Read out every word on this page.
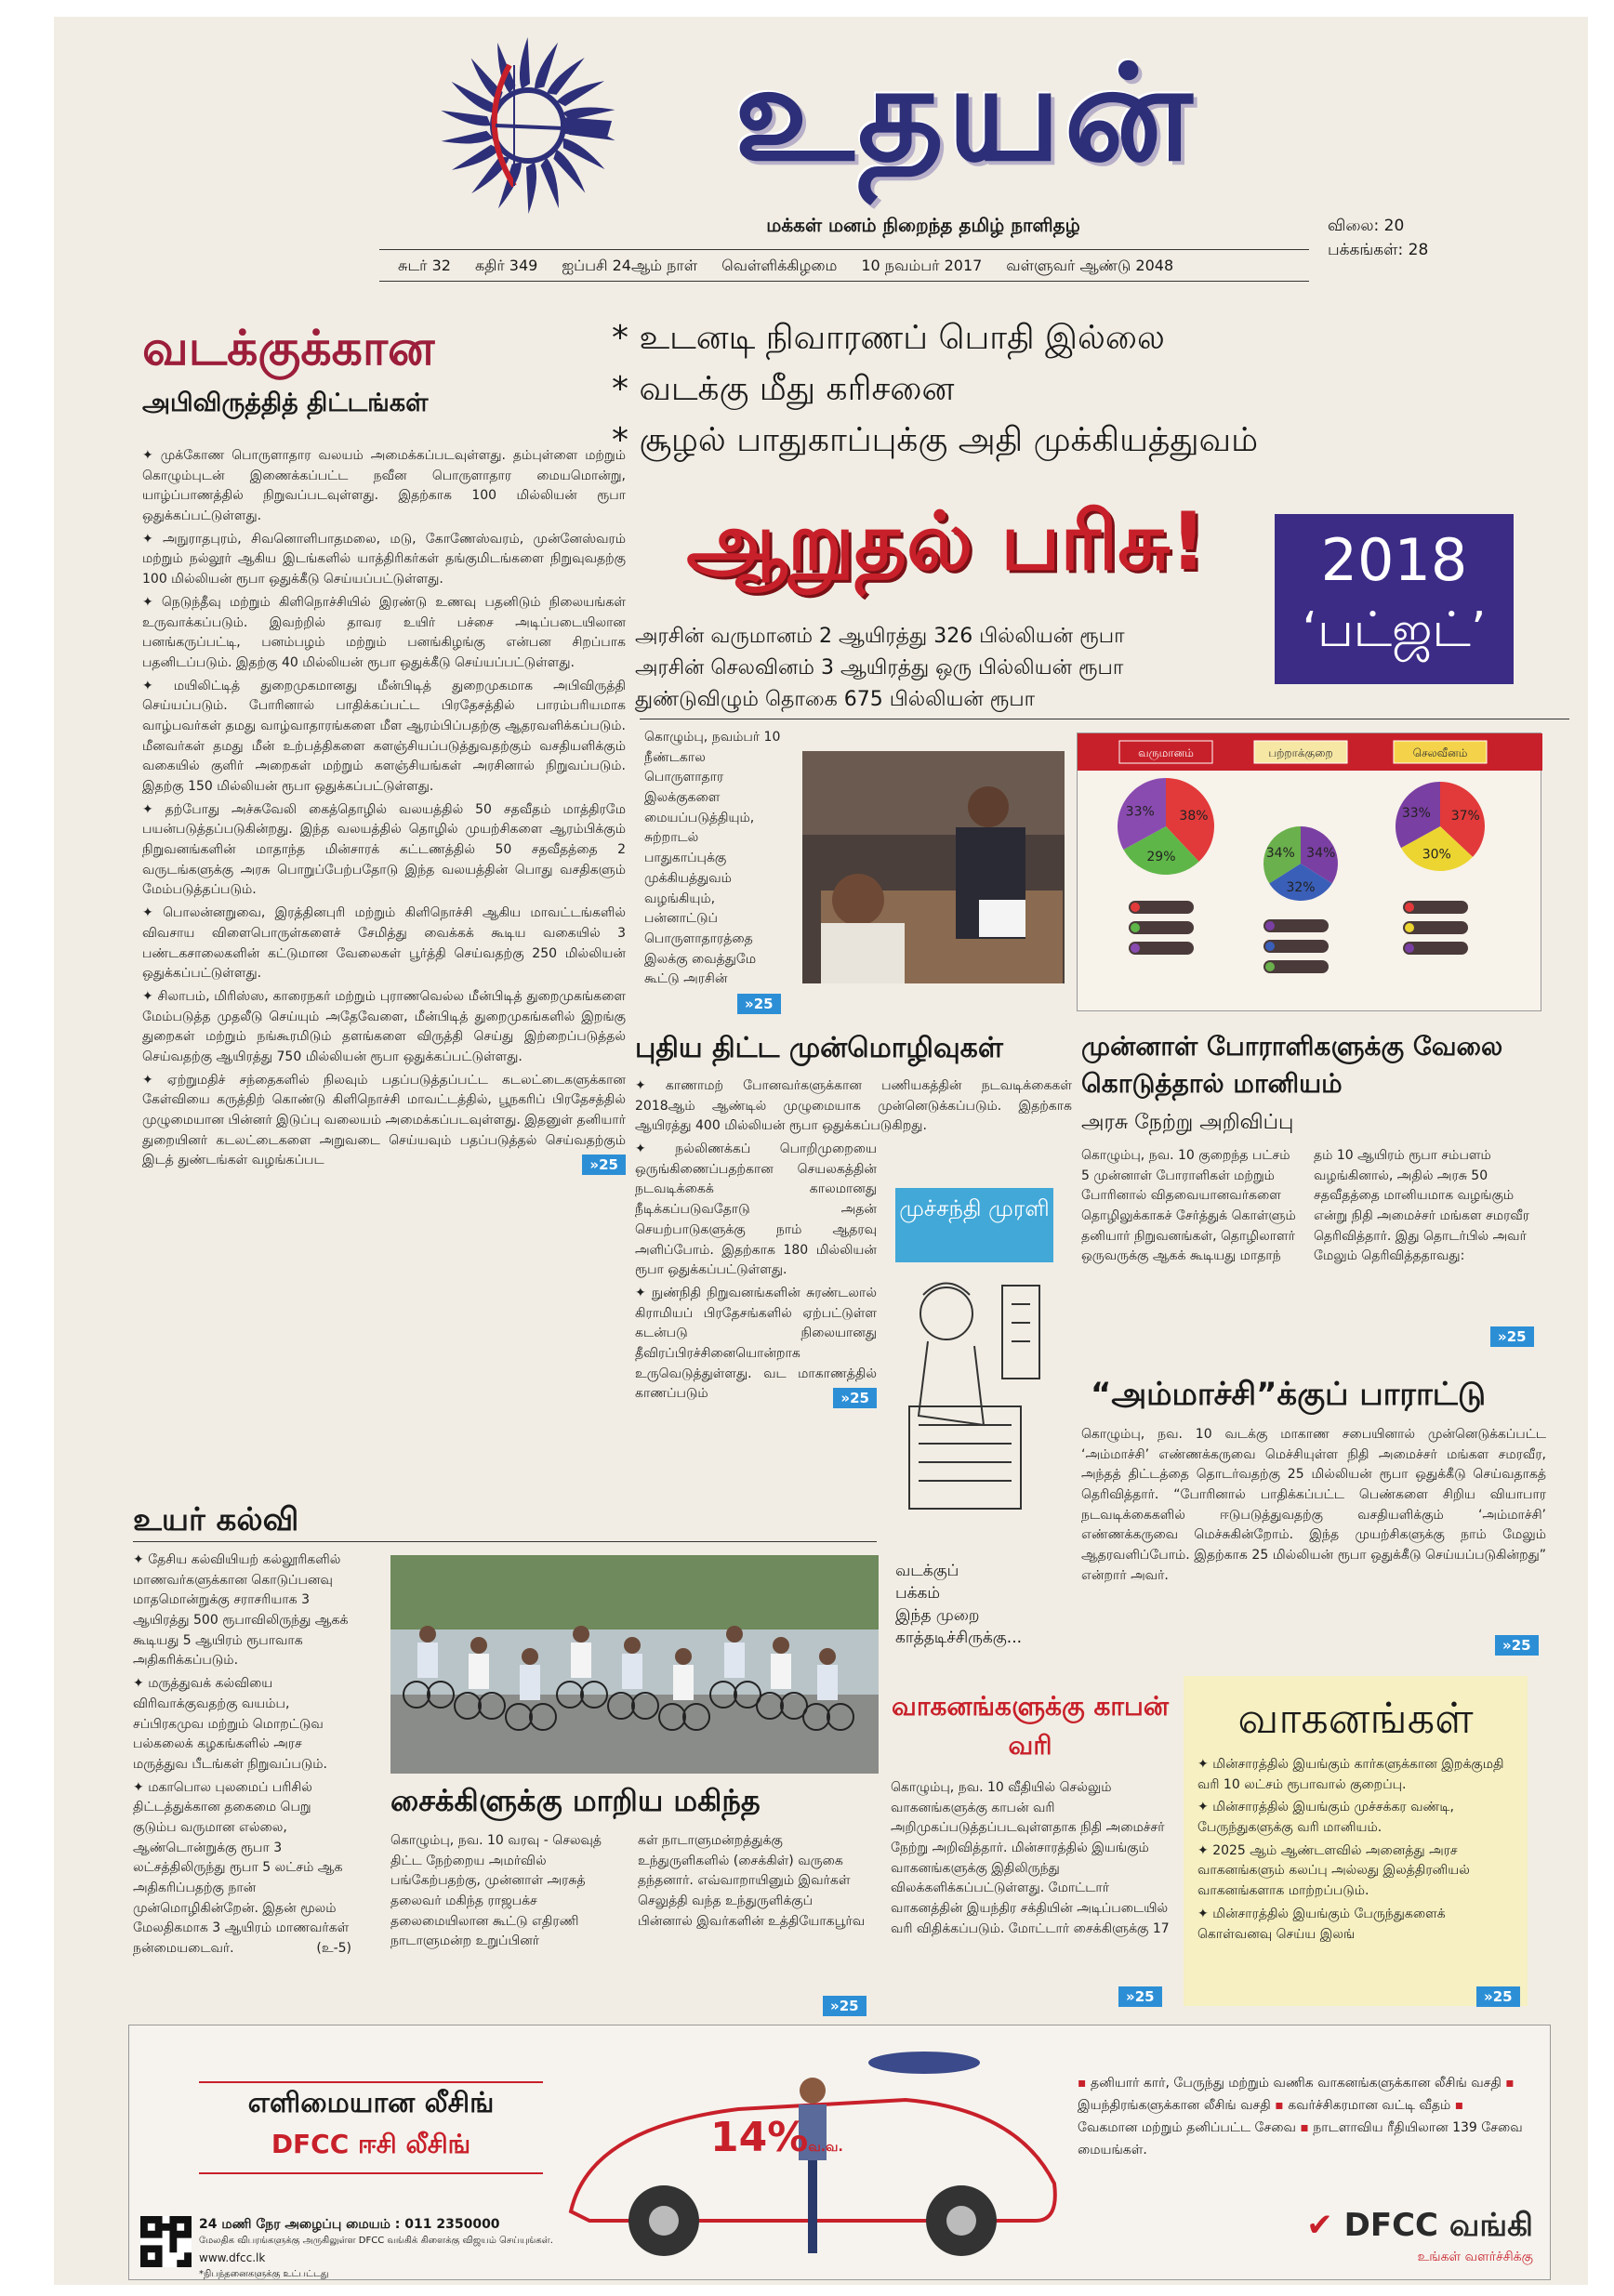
உதயன்
மக்கள் மனம் நிறைந்த தமிழ் நாளிதழ்	விலை: 20
பக்கங்கள்: 28
சுடர் 32 கதிர் 349 ஐப்பசி 24ஆம் நாள் வெள்ளிக்கிழமை 10 நவம்பர் 2017 வள்ளுவர் ஆண்டு 2048
வடக்குக்கான
அபிவிருத்தித் திட்டங்கள்

✦ முக்கோண பொருளாதார வலயம் அமைக்கப்படவுள்ளது. தம்புள்ளை மற்றும் கொழும்புடன் இணைக்கப்பட்ட நவீன பொருளாதார மையமொன்று, யாழ்ப்பாணத்தில் நிறுவப்படவுள்ளது. இதற்காக 100 மில்லியன் ரூபா ஒதுக்கப்பட்டுள்ளது.

✦ அநுராதபுரம், சிவனொளிபாதமலை, மடு, கோணேஸ்வரம், முன்னேஸ்வரம் மற்றும் நல்லூர் ஆகிய இடங்களில் யாத்திரிகர்கள் தங்குமிடங்களை நிறுவுவதற்கு 100 மில்லியன் ரூபா ஒதுக்கீடு செய்யப்பட்டுள்ளது.

✦ நெடுந்தீவு மற்றும் கிளிநொச்சியில் இரண்டு உணவு பதனிடும் நிலையங்கள் உருவாக்கப்படும். இவற்றில் தாவர உயிர் பச்சை அடிப்படையிலான பனங்கருப்பட்டி, பனம்பழம் மற்றும் பனங்கிழங்கு என்பன சிறப்பாக பதனிடப்படும். இதற்கு 40 மில்லியன் ரூபா ஒதுக்கீடு செய்யப்பட்டுள்ளது.

✦ மயிலிட்டித் துறைமுகமானது மீன்பிடித் துறைமுகமாக அபிவிருத்தி செய்யப்படும். போரினால் பாதிக்கப்பட்ட பிரதேசத்தில் பாரம்பரியமாக வாழ்பவர்கள் தமது வாழ்வாதாரங்களை மீள ஆரம்பிப்பதற்கு ஆதரவளிக்கப்படும். மீனவர்கள் தமது மீன் உற்பத்திகளை களஞ்சியப்படுத்துவதற்கும் வசதியளிக்கும் வகையில் குளிர் அறைகள் மற்றும் களஞ்சியங்கள் அரசினால் நிறுவப்படும். இதற்கு 150 மில்லியன் ரூபா ஒதுக்கப்பட்டுள்ளது.

✦ தற்போது அச்சுவேலி கைத்தொழில் வலயத்தில் 50 சதவீதம் மாத்திரமே பயன்படுத்தப்படுகின்றது. இந்த வலயத்தில் தொழில் முயற்சிகளை ஆரம்பிக்கும் நிறுவனங்களின் மாதாந்த மின்சாரக் கட்டணத்தில் 50 சதவீதத்தை 2 வருடங்களுக்கு அரசு பொறுப்பேற்பதோடு இந்த வலயத்தின் பொது வசதிகளும் மேம்படுத்தப்படும்.

✦ பொலன்னறுவை, இரத்தினபுரி மற்றும் கிளிநொச்சி ஆகிய மாவட்டங்களில் விவசாய விளைபொருள்களைச் சேமித்து வைக்கக் கூடிய வகையில் 3 பண்டகசாலைகளின் கட்டுமான வேலைகள் பூர்த்தி செய்வதற்கு 250 மில்லியன் ஒதுக்கப்பட்டுள்ளது.

✦ சிலாபம், மிரிஸ்ஸ, காரைநகர் மற்றும் புராணவெல்ல மீன்பிடித் துறைமுகங்களை மேம்படுத்த முதலீடு செய்யும் அதேவேளை, மீன்பிடித் துறைமுகங்களில் இறங்கு துறைகள் மற்றும் நங்கூரமிடும் தளங்களை விருத்தி செய்து இற்றைப்படுத்தல் செய்வதற்கு ஆயிரத்து 750 மில்லியன் ரூபா ஒதுக்கப்பட்டுள்ளது.

✦ ஏற்றுமதிச் சந்தைகளில் நிலவும் பதப்படுத்தப்பட்ட கடலட்டைகளுக்கான கேள்வியை கருத்திற் கொண்டு கிளிநொச்சி மாவட்டத்தில், பூநகரிப் பிரதேசத்தில் முழுமையான பின்னர் இடுப்பு வலையம் அமைக்கப்படவுள்ளது. இதனுள் தனியார் துறையினர் கடலட்டைகளை அறுவடை செய்யவும் பதப்படுத்தல் செய்வதற்கும் இடத் துண்டங்கள் வழங்கப்பட	» 25

* உடனடி நிவாரணப் பொதி இல்லை
* வடக்கு மீது கரிசனை
* சூழல் பாதுகாப்புக்கு அதி முக்கியத்துவம்
ஆறுதல் பரிசு!	2018
‘பட்ஜட்’
அரசின் வருமானம் 2 ஆயிரத்து 326 பில்லியன் ரூபா
அரசின் செலவினம் 3 ஆயிரத்து ஒரு பில்லியன் ரூபா
துண்டுவிழும் தொகை 675 பில்லியன் ரூபா
கொழும்பு, நவம்பர் 10 நீண்டகால பொருளாதார இலக்குகளை மையப்படுத்தியும், சுற்றாடல் பாதுகாப்புக்கு முக்கியத்துவம் வழங்கியும், பன்னாட்டுப் பொருளாதாரத்தை இலக்கு வைத்துமே கூட்டு அரசின்
» 25
வருமானம்
38%
29%
33%
பற்றாக்குறை
34%
32%
34%
செலவீனம்
37%
30%
33%
புதிய திட்ட முன்மொழிவுகள்

✦ காணாமற் போனவர்களுக்கான பணியகத்தின் நடவடிக்கைகள் 2018ஆம் ஆண்டில் முழுமையாக முன்னெடுக்கப்படும். இதற்காக ஆயிரத்து 400 மில்லியன் ரூபா ஒதுக்கப்படுகிறது.

✦ நல்லிணக்கப் பொறிமுறையை ஒருங்கிணைப்பதற்கான செயலகத்தின் நடவடிக்கைக் காலமானது நீடிக்கப்படுவதோடு அதன் செயற்பாடுகளுக்கு நாம் ஆதரவு அளிப்போம். இதற்காக 180 மில்லியன் ரூபா ஒதுக்கப்பட்டுள்ளது.

✦ நுண்நிதி நிறுவனங்களின் சுரண்டலால் கிராமியப் பிரதேசங்களில் ஏற்பட்டுள்ள கடன்படு நிலையானது தீவிரப்பிரச்சினையொன்றாக உருவெடுத்துள்ளது. வட மாகாணத்தில் காணப்படும்	» 25

முச்சந்தி முரளி
வடக்குப்
பக்கம்
இந்த முறை
காத்தடிச்சிருக்கு...
முன்னாள் போராளிகளுக்கு வேலை கொடுத்தால் மானியம்
அரசு நேற்று அறிவிப்பு
கொழும்பு, நவ. 10 குறைந்த பட்சம் 5 முன்னாள் போராளிகள் மற்றும் போரினால் விதவையானவர்களை தொழிலுக்காகச் சேர்த்துக் கொள்ளும் தனியார் நிறுவனங்கள், தொழிலாளர் ஒருவருக்கு ஆகக் கூடியது மாதாந்
தம் 10 ஆயிரம் ரூபா சம்பளம் வழங்கினால், அதில் அரசு 50 சதவீதத்தை மானியமாக வழங்கும் என்று நிதி அமைச்சர் மங்கள சமரவீர தெரிவித்தார். இது தொடர்பில் அவர் மேலும் தெரிவித்ததாவது:
» 25
“அம்மாச்சி”க்குப் பாராட்டு
கொழும்பு, நவ. 10 வடக்கு மாகாண சபையினால் முன்னெடுக்கப்பட்ட ‘அம்மாச்சி’ எண்ணக்கருவை மெச்சியுள்ள நிதி அமைச்சர் மங்கள சமரவீர, அந்தத் திட்டத்தை தொடர்வதற்கு 25 மில்லியன் ரூபா ஒதுக்கீடு செய்வதாகத் தெரிவித்தார். “போரினால் பாதிக்கப்பட்ட பெண்களை சிறிய வியாபார நடவடிக்கைகளில் ஈடுபடுத்துவதற்கு வசதியளிக்கும் ‘அம்மாச்சி’ எண்ணக்கருவை மெச்சுகின்றோம். இந்த முயற்சிகளுக்கு நாம் மேலும் ஆதரவளிப்போம். இதற்காக 25 மில்லியன் ரூபா ஒதுக்கீடு செய்யப்படுகின்றது” என்றார் அவர்.
» 25
உயர் கல்வி

✦ தேசிய கல்வியியற் கல்லூரிகளில் மாணவர்களுக்கான கொடுப்பனவு மாதமொன்றுக்கு சராசரியாக 3 ஆயிரத்து 500 ரூபாவிலிருந்து ஆகக் கூடியது 5 ஆயிரம் ரூபாவாக அதிகரிக்கப்படும்.

✦ மருத்துவக் கல்வியை விரிவாக்குவதற்கு வயம்ப, சப்பிரகமுவ மற்றும் மொறட்டுவ பல்கலைக் கழகங்களில் அரச மருத்துவ பீடங்கள் நிறுவப்படும்.

✦ மகாபொல புலமைப் பரிசில் திட்டத்துக்கான தகைமை பெறு குடும்ப வருமான எல்லை, ஆண்டொன்றுக்கு ரூபா 3 லட்சத்திலிருந்து ரூபா 5 லட்சம் ஆக அதிகரிப்பதற்கு நான் முன்மொழிகின்றேன். இதன் மூலம் மேலதிகமாக 3 ஆயிரம் மாணவர்கள் நன்மையடைவர்.	(உ-5)

சைக்கிளுக்கு மாறிய மகிந்த
கொழும்பு, நவ. 10 வரவு - செலவுத் திட்ட நேற்றைய அமர்வில் பங்கேற்பதற்கு, முன்னாள் அரசுத் தலைவர் மகிந்த ராஜபக்ச தலைமையிலான கூட்டு எதிரணி நாடாளுமன்ற உறுப்பினர்
கள் நாடாளுமன்றத்துக்கு உந்துருளிகளில் (சைக்கிள்) வருகை தந்தனார். எவ்வாறாயினும் இவர்கள் செலுத்தி வந்த உந்துருளிக்குப் பின்னால் இவர்களின் உத்தியோகபூர்வ
» 25
வாகனங்களுக்கு காபன் வரி
கொழும்பு, நவ. 10 வீதியில் செல்லும் வாகனங்களுக்கு காபன் வரி அறிமுகப்படுத்தப்படவுள்ளதாக நிதி அமைச்சர் நேற்று அறிவித்தார். மின்சாரத்தில் இயங்கும் வாகனங்களுக்கு இதிலிருந்து விலக்களிக்கப்பட்டுள்ளது. மோட்டார் வாகனத்தின் இயந்திர சக்தியின் அடிப்படையில் வரி விதிக்கப்படும். மோட்டார் சைக்கிளுக்கு 17
» 25
வாகனங்கள்

✦ மின்சாரத்தில் இயங்கும் கார்களுக்கான இறக்குமதி வரி 10 லட்சம் ரூபாவால் குறைப்பு.

✦ மின்சாரத்தில் இயங்கும் முச்சக்கர வண்டி, பேருந்துகளுக்கு வரி மானியம்.

✦ 2025 ஆம் ஆண்டளவில் அனைத்து அரச வாகனங்களும் கலப்பு அல்லது இலத்திரனியல் வாகனங்களாக மாற்றப்படும்.

✦ மின்சாரத்தில் இயங்கும் பேருந்துகளைக் கொள்வனவு செய்ய இலங்

» 25
எளிமையான லீசிங்
DFCC ஈசி லீசிங்	14%வ.வ.
▪ தனியார் கார், பேருந்து மற்றும் வணிக வாகனங்களுக்கான லீசிங் வசதி ▪ இயந்திரங்களுக்கான லீசிங் வசதி ▪ கவர்ச்சிகரமான வட்டி வீதம் ▪ வேகமான மற்றும் தனிப்பட்ட சேவை ▪ நாடளாவிய ரீதியிலான 139 சேவை மையங்கள்.
24 மணி நேர அழைப்பு மையம் : 011 2350000
மேலதிக விபரங்களுக்கு அருகிலுள்ள DFCC வங்கிக் கிளைக்கு விஜயம் செய்யுங்கள்.
www.dfcc.lk
*நிபந்தனைகளுக்கு உட்பட்டது
✔ DFCC வங்கி
உங்கள் வளர்ச்சிக்கு
